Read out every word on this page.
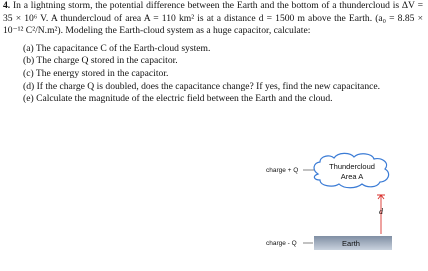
4. In a lightning storm, the potential difference between the Earth and the bottom of a thundercloud is ΔV = 35 × 10⁶ V. A thundercloud of area A = 110 km² is at a distance d = 1500 m above the Earth. (a₀ = 8.85 × 10⁻¹² C²/N.m²). Modeling the Earth-cloud system as a huge capacitor, calculate:

(a) The capacitance C of the Earth-cloud system.
(b) The charge Q stored in the capacitor.
(c) The energy stored in the capacitor.
(d) If the charge Q is doubled, does the capacitance change? If yes, find the new capacitance.
(e) Calculate the magnitude of the electric field between the Earth and the cloud.
charge + Q	Thundercloud
Area A
d
charge - Q	Earth
